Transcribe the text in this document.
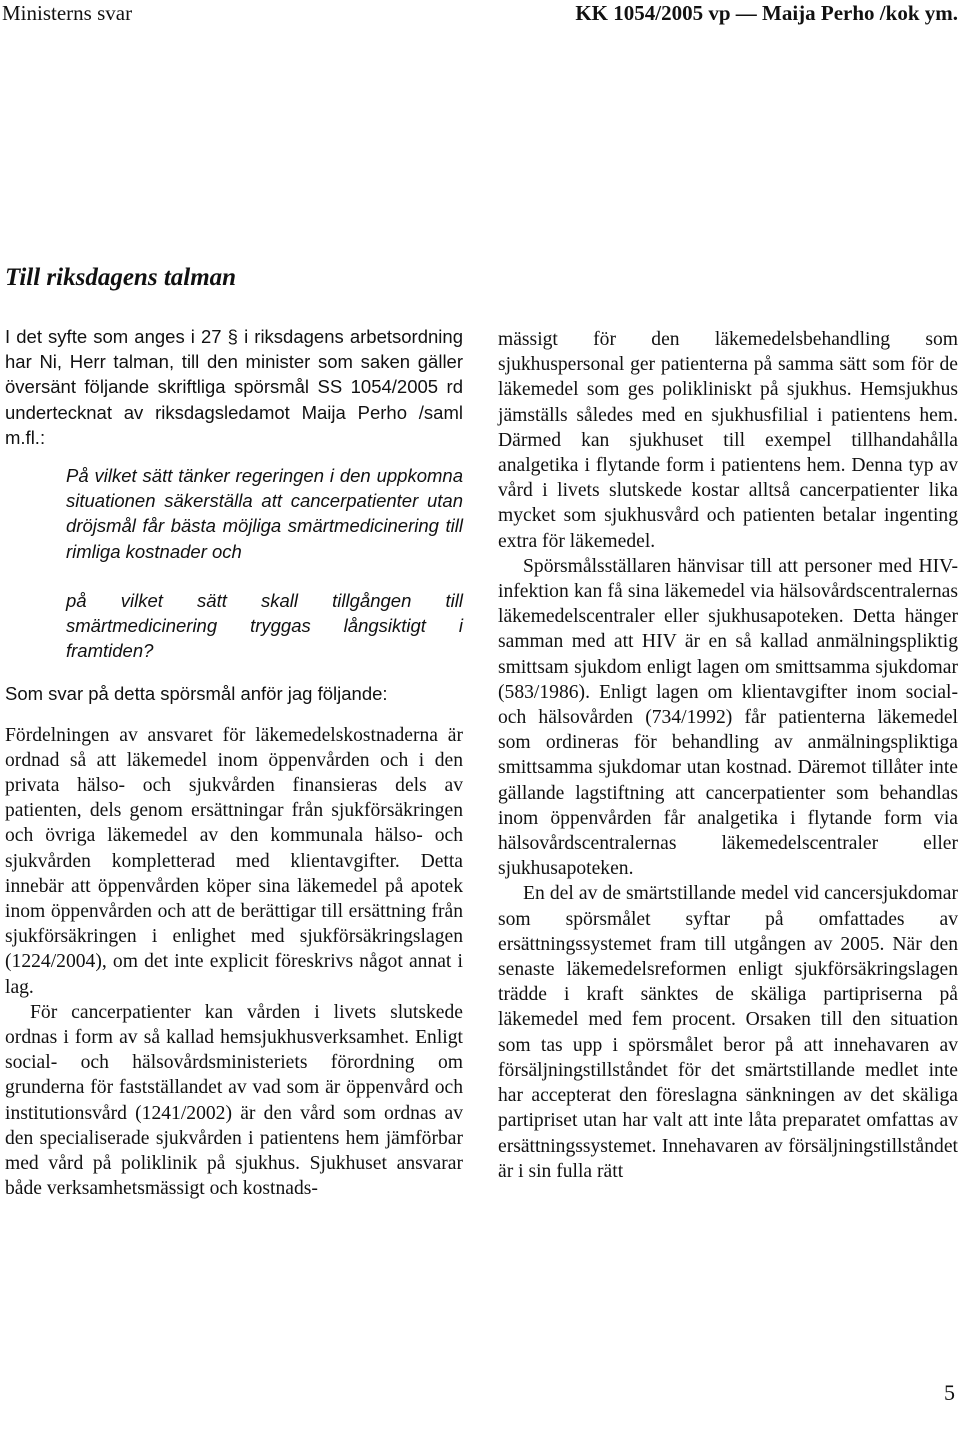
Ministerns svar	KK 1054/2005 vp — Maija Perho /kok ym.
Till riksdagens talman

I det syfte som anges i 27 § i riksdagens arbetsordning har Ni, Herr talman, till den minister som saken gäller översänt följande skriftliga spörsmål SS 1054/2005 rd undertecknat av riksdagsledamot Maija Perho /saml m.fl.:

På vilket sätt tänker regeringen i den uppkomna situationen säkerställa att cancerpatienter utan dröjsmål får bästa möjliga smärtmedicinering till rimliga kostnader och

på vilket sätt skall tillgången till smärtmedicinering tryggas långsiktigt i framtiden?

Som svar på detta spörsmål anför jag följande:

Fördelningen av ansvaret för läkemedelskostnaderna är ordnad så att läkemedel inom öppenvården och i den privata hälso- och sjukvården finansieras dels av patienten, dels genom ersättningar från sjukförsäkringen och övriga läkemedel av den kommunala hälso- och sjukvården kompletterad med klientavgifter. Detta innebär att öppenvården köper sina läkemedel på apotek inom öppenvården och att de berättigar till ersättning från sjukförsäkringen i enlighet med sjukförsäkringslagen (1224/2004), om det inte explicit föreskrivs något annat i lag.

För cancerpatienter kan vården i livets slutskede ordnas i form av så kallad hemsjukhusverksamhet. Enligt social- och hälsovårdsministeriets förordning om grunderna för fastställandet av vad som är öppenvård och institutionsvård (1241/2002) är den vård som ordnas av den specialiserade sjukvården i patientens hem jämförbar med vård på poliklinik på sjukhus. Sjukhuset ansvarar både verksamhetsmässigt och kostnads-

mässigt för den läkemedelsbehandling som sjukhuspersonal ger patienterna på samma sätt som för de läkemedel som ges polikliniskt på sjukhus. Hemsjukhus jämställs således med en sjukhusfilial i patientens hem. Därmed kan sjukhuset till exempel tillhandahålla analgetika i flytande form i patientens hem. Denna typ av vård i livets slutskede kostar alltså cancerpatienter lika mycket som sjukhusvård och patienten betalar ingenting extra för läkemedel.

Spörsmålsställaren hänvisar till att personer med HIV-infektion kan få sina läkemedel via hälsovårdscentralernas läkemedelscentraler eller sjukhusapoteken. Detta hänger samman med att HIV är en så kallad anmälningspliktig smittsam sjukdom enligt lagen om smittsamma sjukdomar (583/1986). Enligt lagen om klientavgifter inom social- och hälsovården (734/1992) får patienterna läkemedel som ordineras för behandling av anmälningspliktiga smittsamma sjukdomar utan kostnad. Däremot tillåter inte gällande lagstiftning att cancerpatienter som behandlas inom öppenvården får analgetika i flytande form via hälsovårdscentralernas läkemedelscentraler eller sjukhusapoteken.

En del av de smärtstillande medel vid cancersjukdomar som spörsmålet syftar på omfattades av ersättningssystemet fram till utgången av 2005. När den senaste läkemedelsreformen enligt sjukförsäkringslagen trädde i kraft sänktes de skäliga partipriserna på läkemedel med fem procent. Orsaken till den situation som tas upp i spörsmålet beror på att innehavaren av försäljningstillståndet för det smärtstillande medlet inte har accepterat den föreslagna sänkningen av det skäliga partipriset utan har valt att inte låta preparatet omfattas av ersättningssystemet. Innehavaren av försäljningstillståndet är i sin fulla rätt

5
